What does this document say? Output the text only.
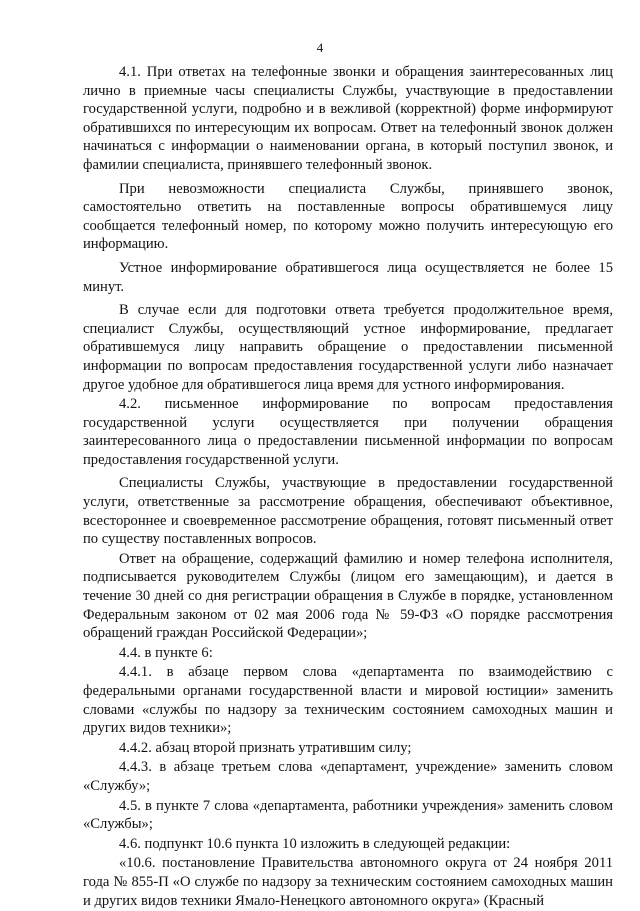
4

4.1. При ответах на телефонные звонки и обращения заинтересованных лиц лично в приемные часы специалисты Службы, участвующие в предоставлении государственной услуги, подробно и в вежливой (корректной) форме информируют обратившихся по интересующим их вопросам. Ответ на телефонный звонок должен начинаться с информации о наименовании органа, в который поступил звонок, и фамилии специалиста, принявшего телефонный звонок.

При невозможности специалиста Службы, принявшего звонок, самостоятельно ответить на поставленные вопросы обратившемуся лицу сообщается телефонный номер, по которому можно получить интересующую его информацию.

Устное информирование обратившегося лица осуществляется не более 15 минут.

В случае если для подготовки ответа требуется продолжительное время, специалист Службы, осуществляющий устное информирование, предлагает обратившемуся лицу направить обращение о предоставлении письменной информации по вопросам предоставления государственной услуги либо назначает другое удобное для обратившегося лица время для устного информирования.

4.2. письменное информирование по вопросам предоставления государственной услуги осуществляется при получении обращения заинтересованного лица о предоставлении письменной информации по вопросам предоставления государственной услуги.

Специалисты Службы, участвующие в предоставлении государственной услуги, ответственные за рассмотрение обращения, обеспечивают объективное, всестороннее и своевременное рассмотрение обращения, готовят письменный ответ по существу поставленных вопросов.

Ответ на обращение, содержащий фамилию и номер телефона исполнителя, подписывается руководителем Службы (лицом его замещающим), и дается в течение 30 дней со дня регистрации обращения в Службе в порядке, установленном Федеральным законом от 02 мая 2006 года № 59-ФЗ «О порядке рассмотрения обращений граждан Российской Федерации»;

4.4. в пункте 6:

4.4.1. в абзаце первом слова «департамента по взаимодействию с федеральными органами государственной власти и мировой юстиции» заменить словами «службы по надзору за техническим состоянием самоходных машин и других видов техники»;

4.4.2. абзац второй признать утратившим силу;

4.4.3. в абзаце третьем слова «департамент, учреждение» заменить словом «Службу»;

4.5. в пункте 7 слова «департамента, работники учреждения» заменить словом «Службы»;

4.6. подпункт 10.6 пункта 10 изложить в следующей редакции:

«10.6. постановление Правительства автономного округа от 24 ноября 2011 года № 855-П «О службе по надзору за техническим состоянием самоходных машин и других видов техники Ямало-Ненецкого автономного округа» (Красный
